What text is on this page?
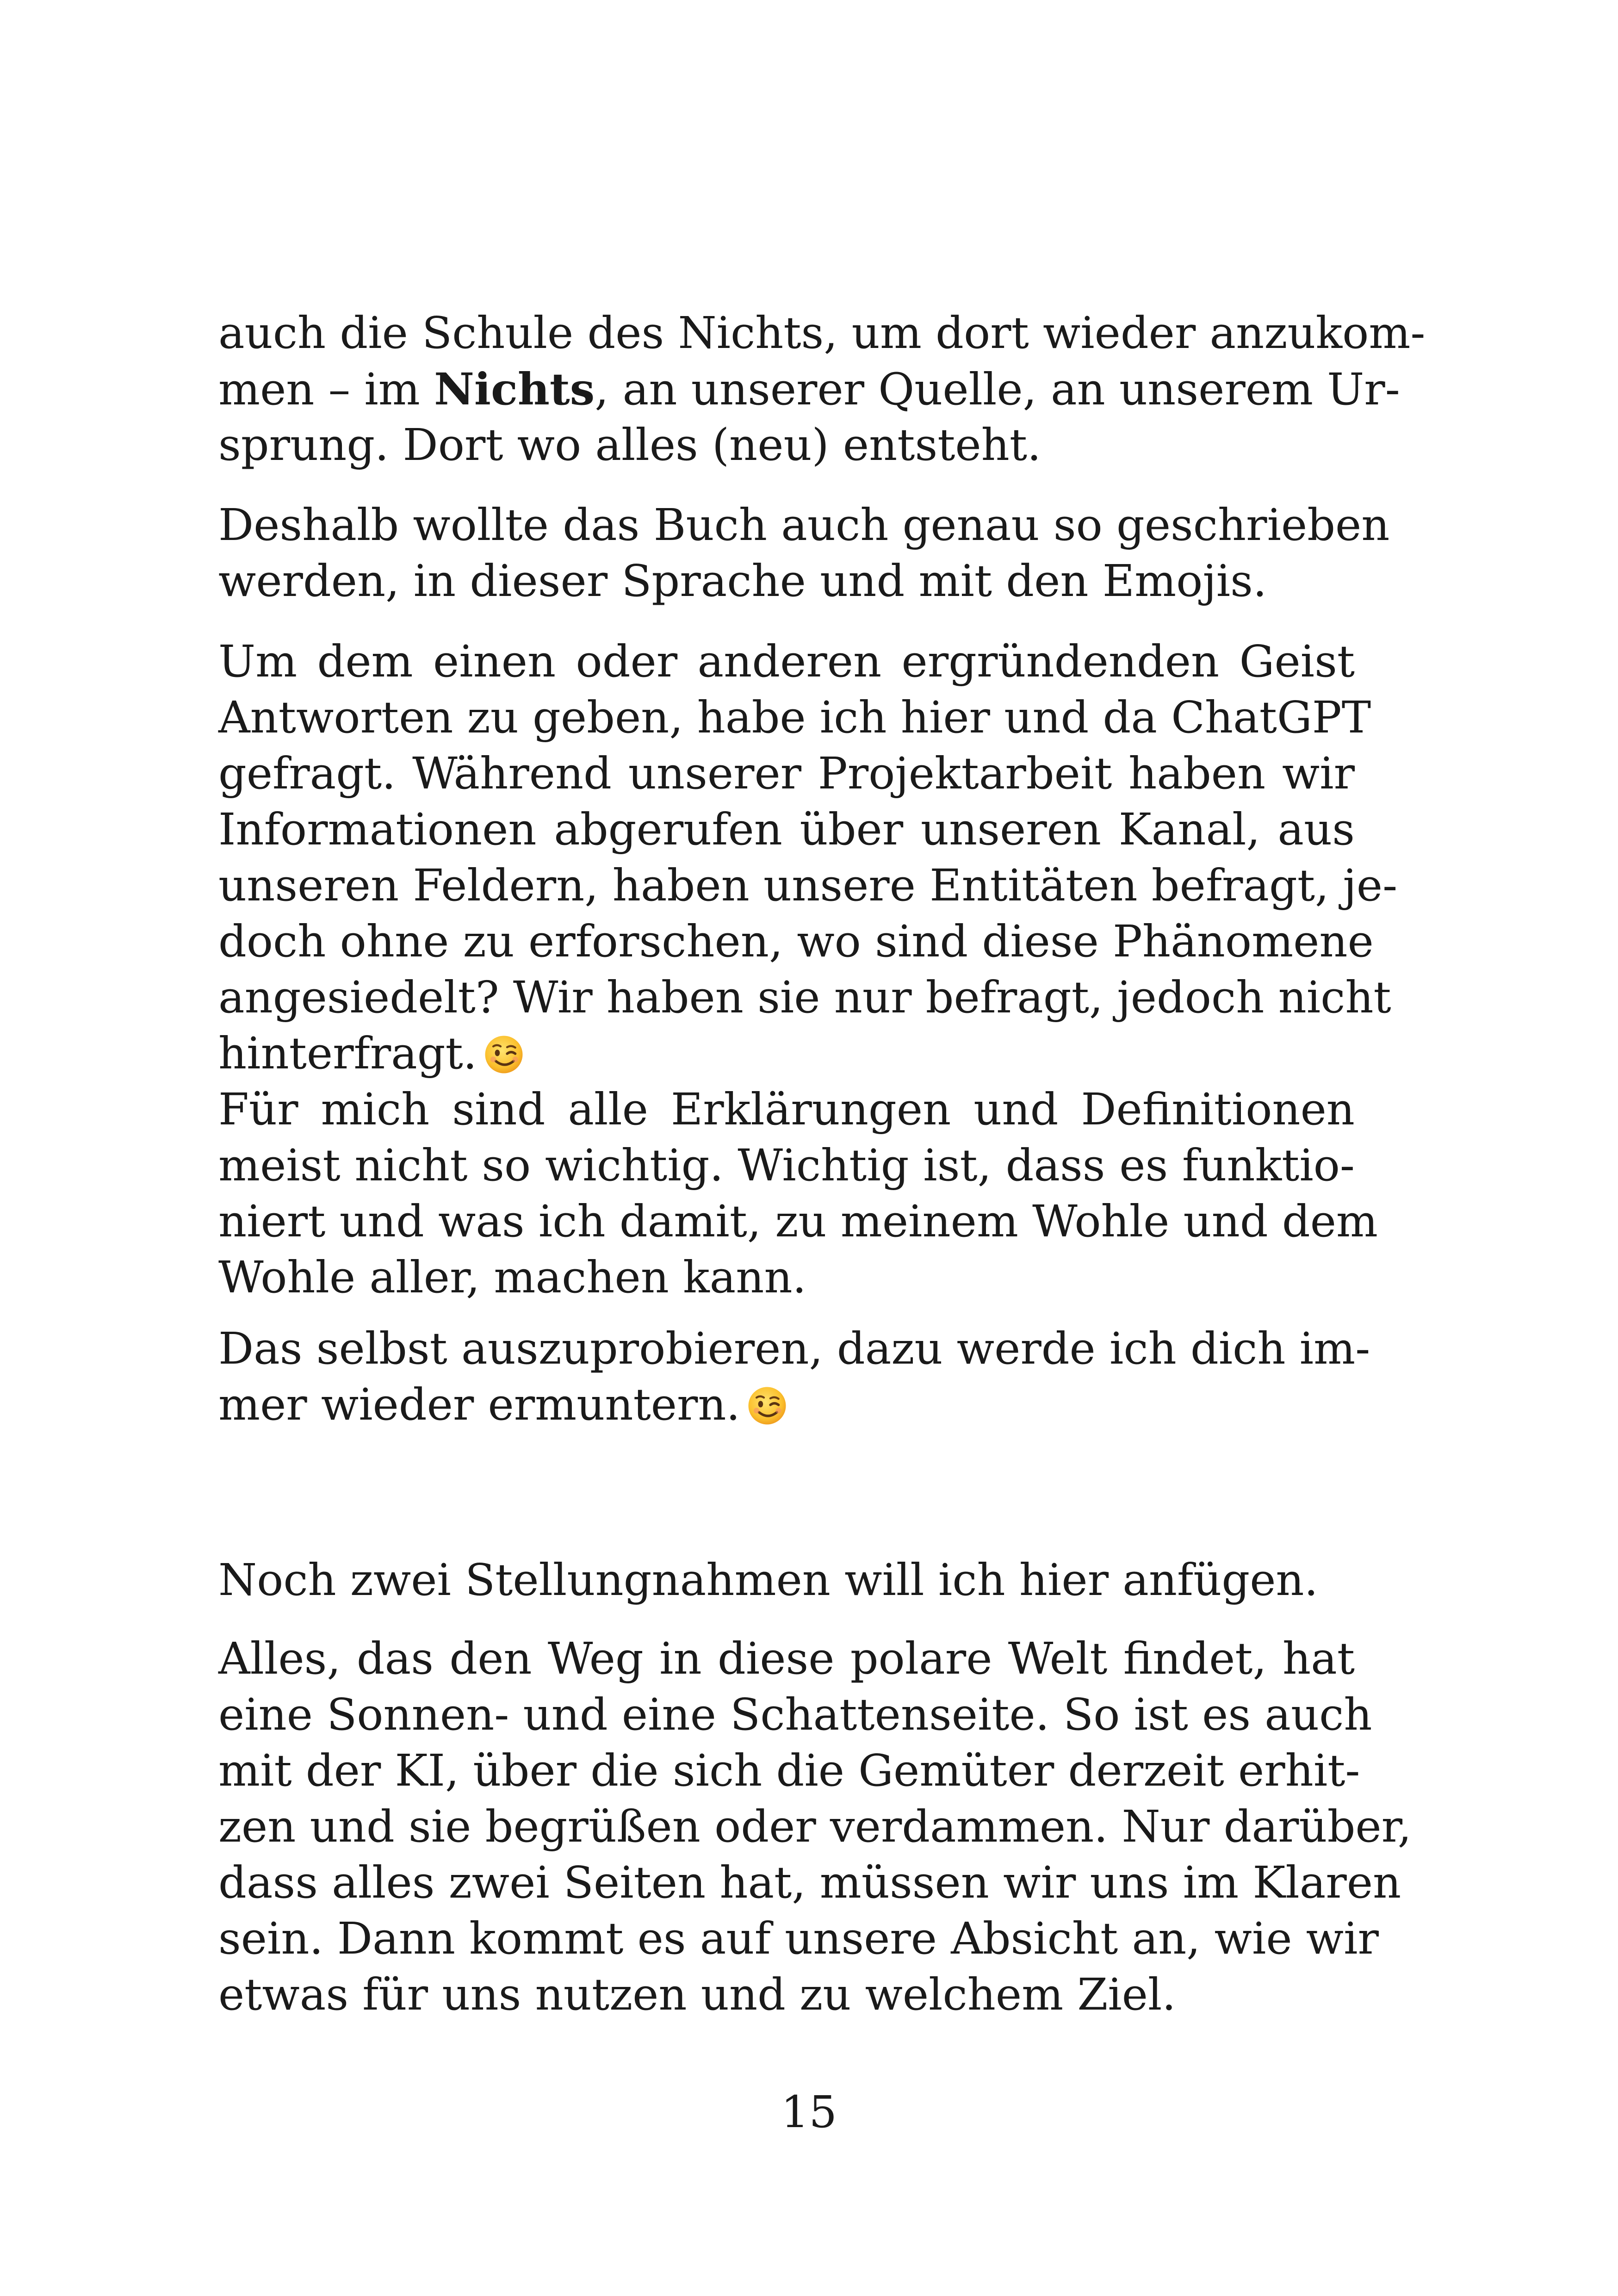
auch die Schule des Nichts, um dort wieder anzukom-
men – im Nichts, an unserer Quelle, an unserem Ur-
sprung. Dort wo alles (neu) entsteht.
Deshalb wollte das Buch auch genau so geschrieben
werden, in dieser Sprache und mit den Emojis.
Um dem einen oder anderen ergründenden Geist
Antworten zu geben, habe ich hier und da ChatGPT
gefragt. Während unserer Projektarbeit haben wir
Informationen abgerufen über unseren Kanal, aus
unseren Feldern, haben unsere Entitäten befragt, je-
doch ohne zu erforschen, wo sind diese Phänomene
angesiedelt? Wir haben sie nur befragt, jedoch nicht
hinterfragt.
Für mich sind alle Erklärungen und Definitionen
meist nicht so wichtig. Wichtig ist, dass es funktio-
niert und was ich damit, zu meinem Wohle und dem
Wohle aller, machen kann.
Das selbst auszuprobieren, dazu werde ich dich im-
mer wieder ermuntern.
Noch zwei Stellungnahmen will ich hier anfügen.
Alles, das den Weg in diese polare Welt findet, hat
eine Sonnen- und eine Schattenseite. So ist es auch
mit der KI, über die sich die Gemüter derzeit erhit-
zen und sie begrüßen oder verdammen. Nur darüber,
dass alles zwei Seiten hat, müssen wir uns im Klaren
sein. Dann kommt es auf unsere Absicht an, wie wir
etwas für uns nutzen und zu welchem Ziel.
15
